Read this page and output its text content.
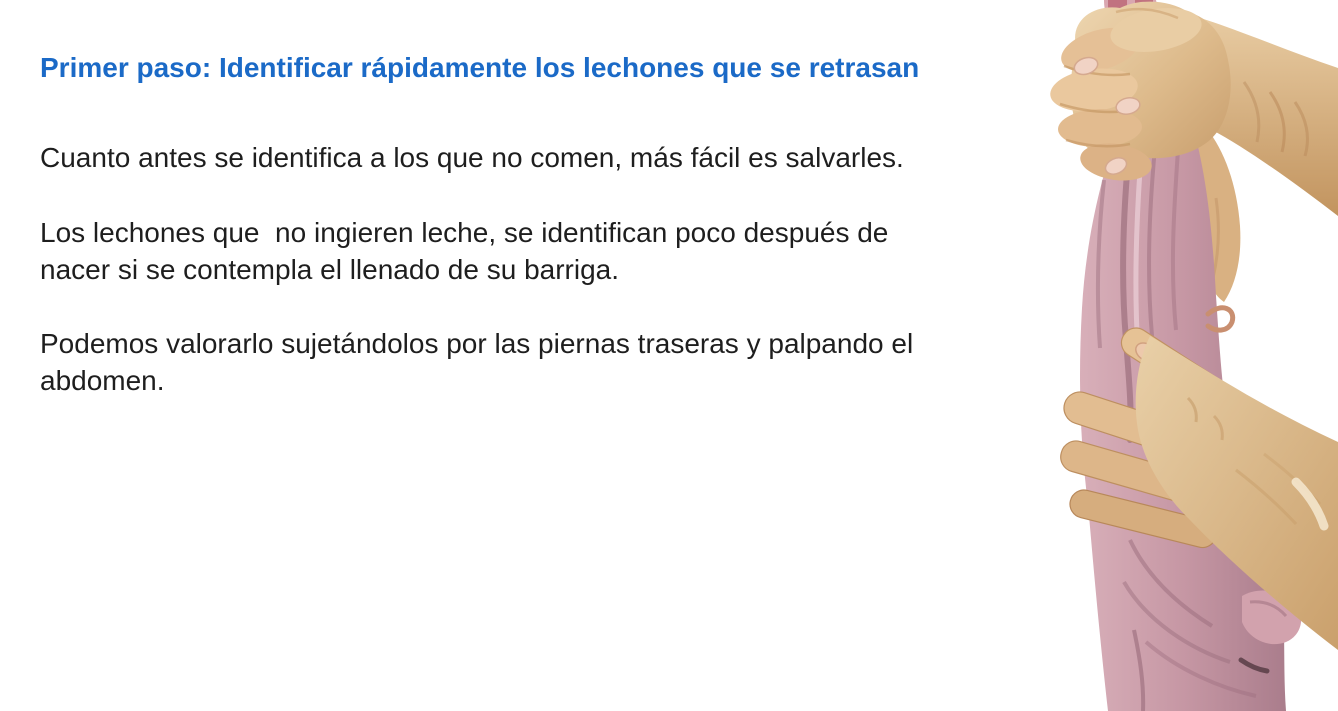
Primer paso: Identificar rápidamente los lechones que se retrasan

Cuanto antes se identifica a los que no comen, más fácil es salvarles.

Los lechones que  no ingieren leche, se identifican poco después de
nacer si se contempla el llenado de su barriga.

Podemos valorarlo sujetándolos por las piernas traseras y palpando el
abdomen.
